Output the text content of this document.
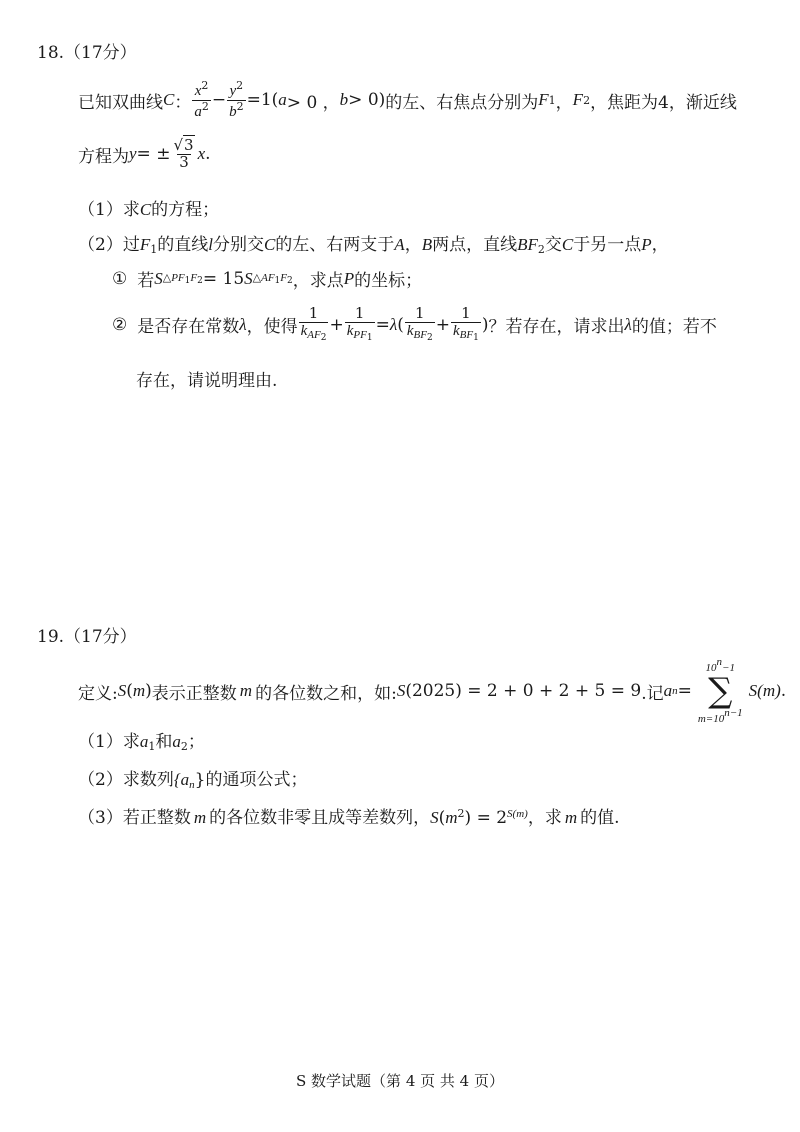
18.（17分）
已知双曲线 C ： $\frac{x^2}{a^2} - \frac{y^2}{b^2} =1$ ( a > 0 ， b > 0 ) 的左、右焦点分别为 F 1 ， F 2 ，焦距为4，渐近线
方程为 y = ± $\frac{√3}{3}$ x .
（1）求C的方程；
（2）过$F_1$的直线l分别交C的左、右两支于A，B两点，直线$BF_2$交C于另一点P，
① 若 S △PF1F2 = 15 S △AF1F2 ，求点 P 的坐标；
② 是否存在常数 λ ，使得 $\frac{1}{k_{AF2}} + \frac{1}{k_{PF1}} = \lambda$ ( $\frac{1}{k_{BF2}} + \frac{1}{k_{BF1}}$ ) ？若存在，请求出 λ 的值；若不
存在，请说明理由.
19.（17分）
定义: S ( m ) 表示正整数 m 的各位数之和，如: S (2025) = 2 + 0 + 2 + 5 = 9 .记 a n =
$10^n-1$
∑
$m=10^{n-1}$
S (m) .
（1）求$a_1$和$a_2$；
（2）求数列$\{a_n\}$的通项公式；
（3）若正整数 m 的各位数非零且成等差数列，$S(m^2) = 2^{S(m)}$，求 m 的值.
S 数学试题（第 4 页 共 4 页）
